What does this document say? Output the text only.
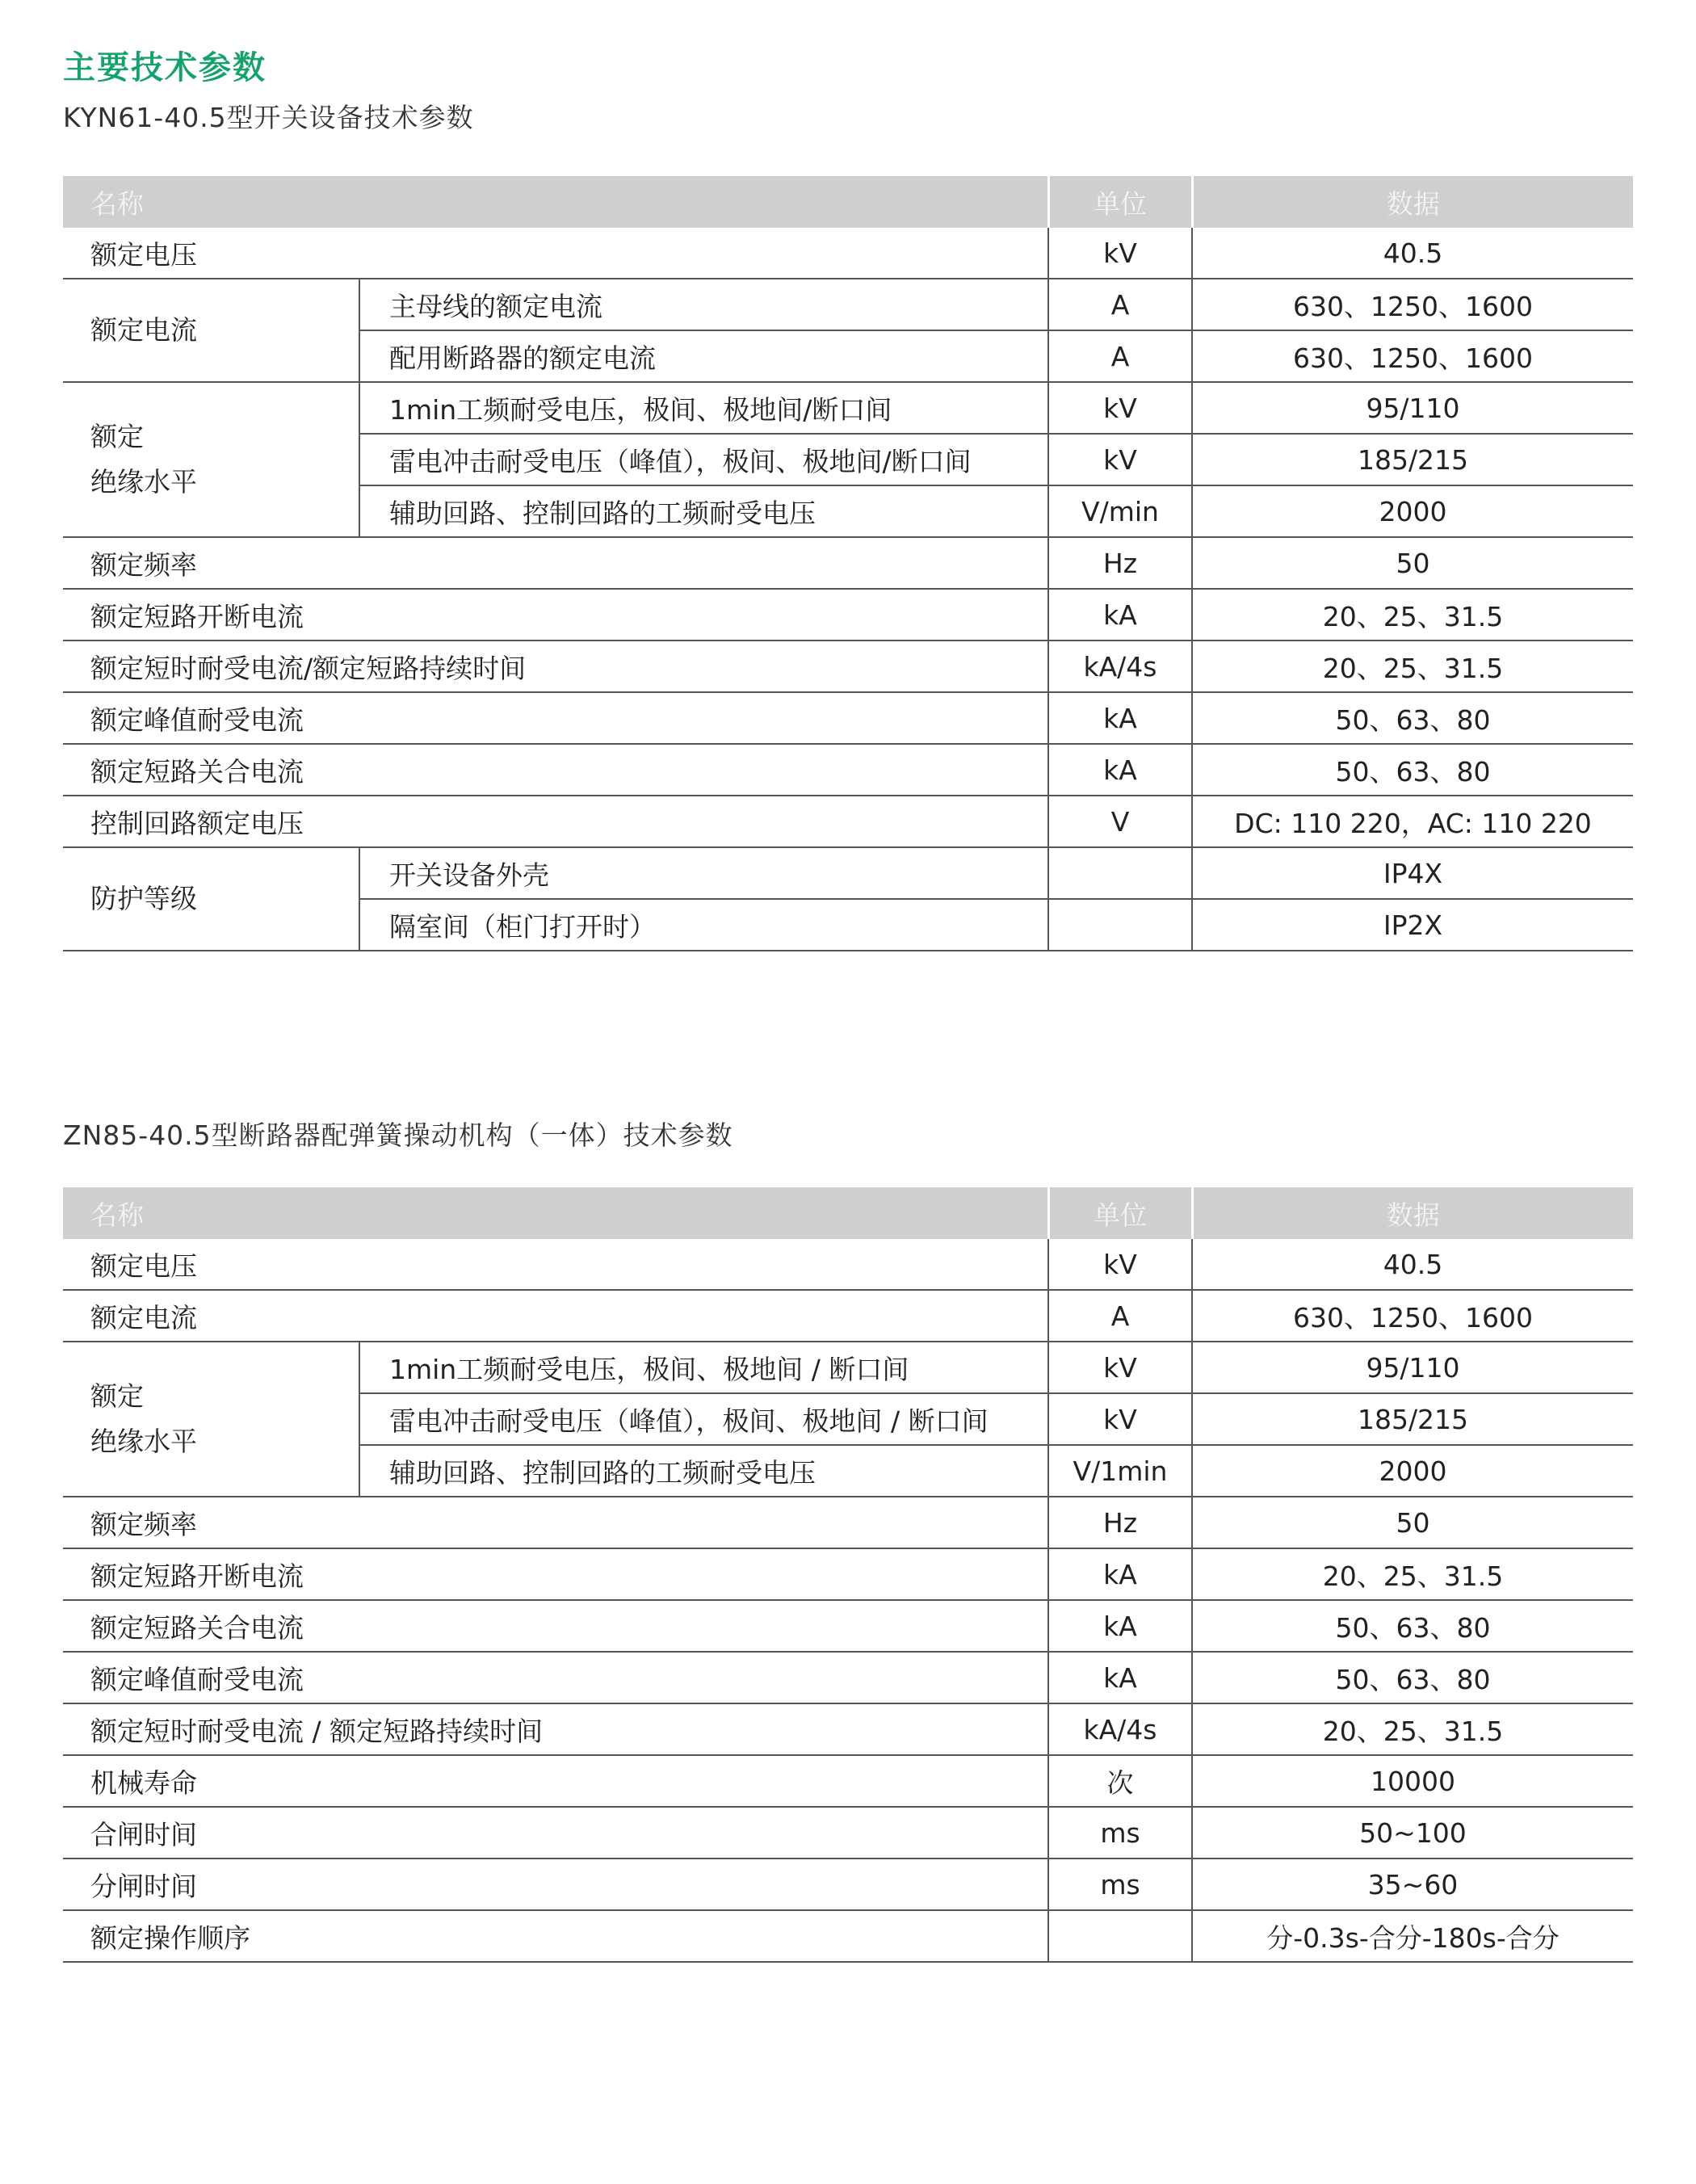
主要技术参数
KYN61-40.5型开关设备技术参数
名称		单位	数据
额定电压		kV	40.5
额定电流	主母线的额定电流	A	630、1250、1600
	配用断路器的额定电流	A	630、1250、1600
额定
绝缘水平	1min工频耐受电压，极间、极地间/断口间	kV	95/110
	雷电冲击耐受电压（峰值），极间、极地间/断口间	kV	185/215
	辅助回路、控制回路的工频耐受电压	V/min	2000
额定频率		Hz	50
额定短路开断电流		kA	20、25、31.5
额定短时耐受电流/额定短路持续时间		kA/4s	20、25、31.5
额定峰值耐受电流		kA	50、63、80
额定短路关合电流		kA	50、63、80
控制回路额定电压		V	DC: 110 220，AC: 110 220
防护等级	开关设备外壳		IP4X
	隔室间（柜门打开时）		IP2X
ZN85-40.5型断路器配弹簧操动机构（一体）技术参数
名称		单位	数据
额定电压		kV	40.5
额定电流		A	630、1250、1600
额定
绝缘水平	1min工频耐受电压，极间、极地间 / 断口间	kV	95/110
	雷电冲击耐受电压（峰值），极间、极地间 / 断口间	kV	185/215
	辅助回路、控制回路的工频耐受电压	V/1min	2000
额定频率		Hz	50
额定短路开断电流		kA	20、25、31.5
额定短路关合电流		kA	50、63、80
额定峰值耐受电流		kA	50、63、80
额定短时耐受电流 / 额定短路持续时间		kA/4s	20、25、31.5
机械寿命		次	10000
合闸时间		ms	50~100
分闸时间		ms	35~60
额定操作顺序			分-0.3s-合分-180s-合分
